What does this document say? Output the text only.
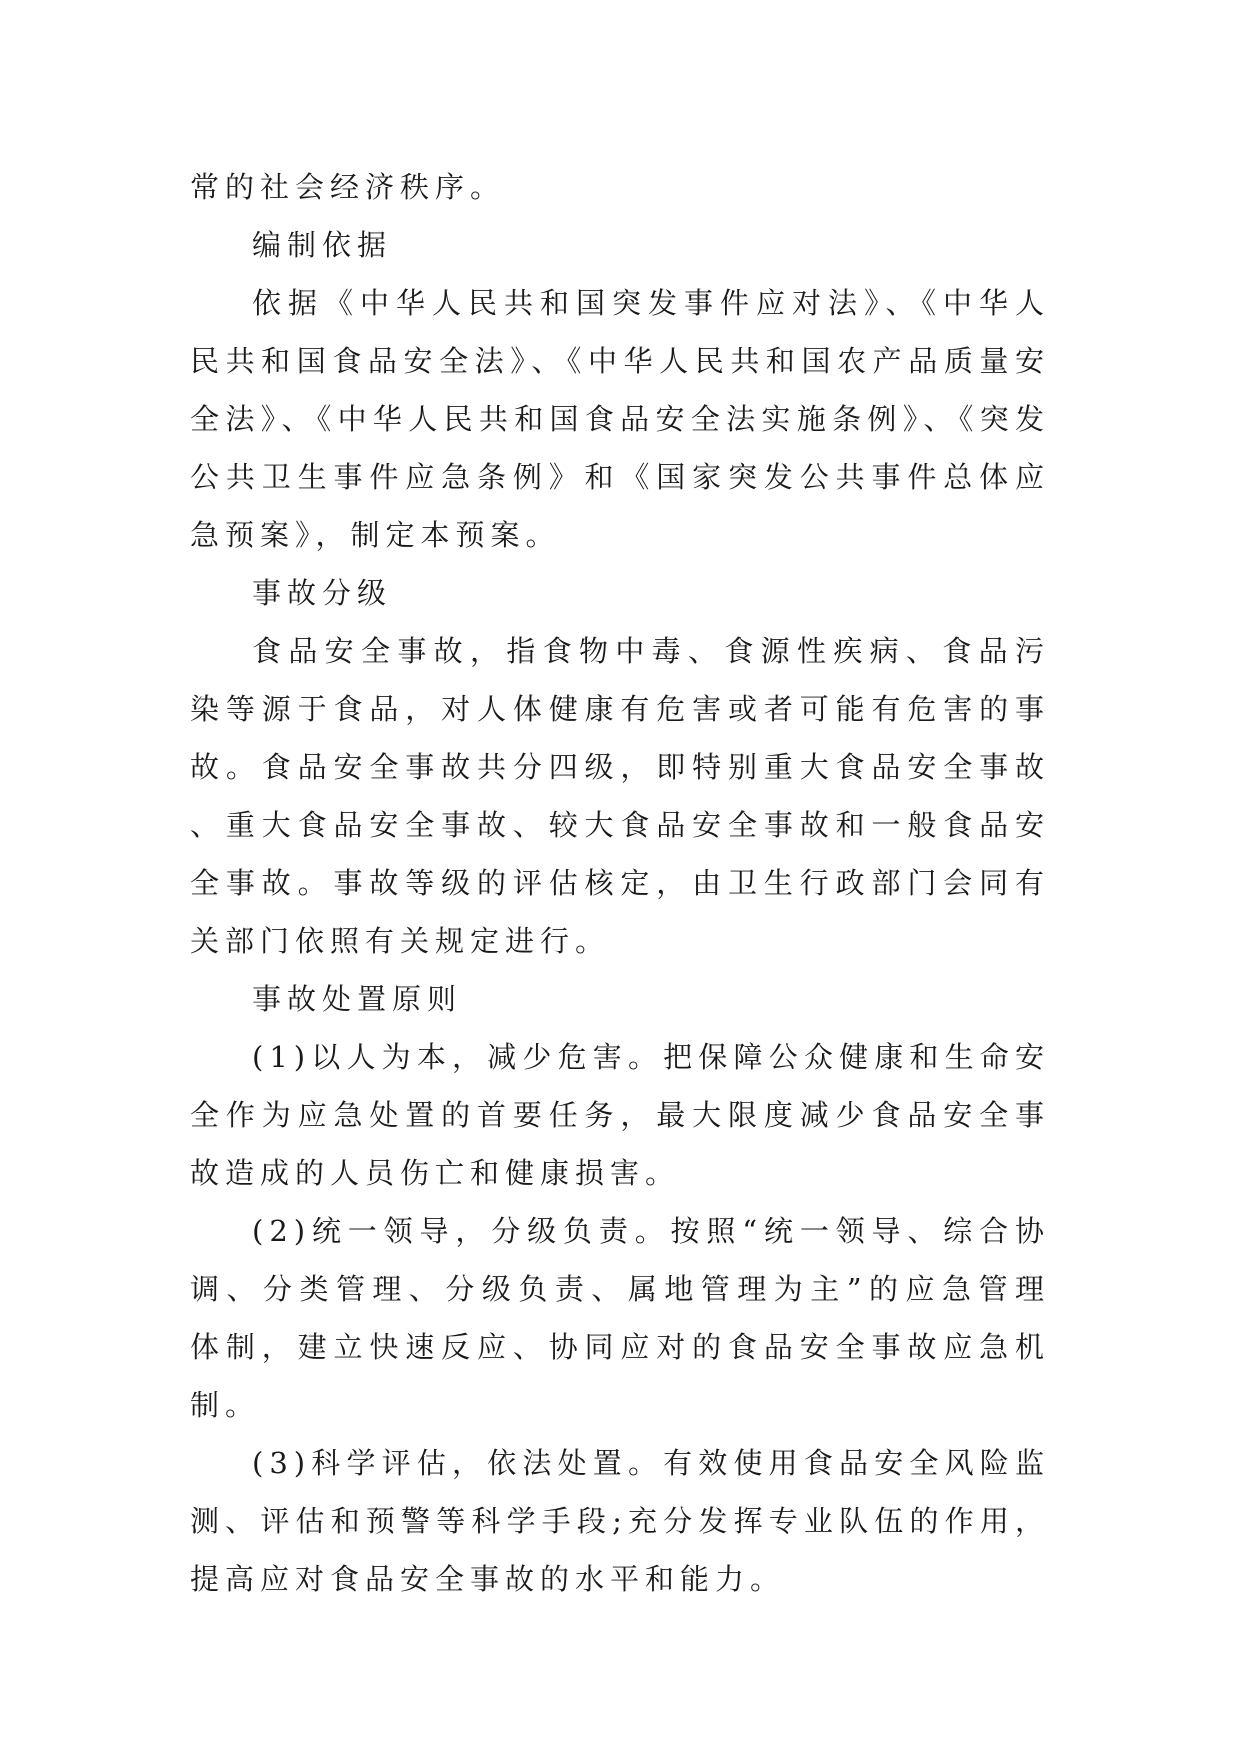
常的社会经济秩序。

编制依据

依据《中华人民共和国突发事件应对法》、《中华人民共和国食品安全法》、《中华人民共和国农产品质量安全法》、《中华人民共和国食品安全法实施条例》、《突发公共卫生事件应急条例》和《国家突发公共事件总体应急预案》，制定本预案。

事故分级

食品安全事故，指食物中毒、食源性疾病、食品污染等源于食品，对人体健康有危害或者可能有危害的事故。食品安全事故共分四级，即特别重大食品安全事故、重大食品安全事故、较大食品安全事故和一般食品安全事故。事故等级的评估核定，由卫生行政部门会同有关部门依照有关规定进行。

事故处置原则

(1)以人为本，减少危害。把保障公众健康和生命安全作为应急处置的首要任务，最大限度减少食品安全事故造成的人员伤亡和健康损害。

(2)统一领导，分级负责。按照“统一领导、综合协调、分类管理、分级负责、属地管理为主”的应急管理体制，建立快速反应、协同应对的食品安全事故应急机制。

(3)科学评估，依法处置。有效使用食品安全风险监测、评估和预警等科学手段;充分发挥专业队伍的作用，提高应对食品安全事故的水平和能力。
